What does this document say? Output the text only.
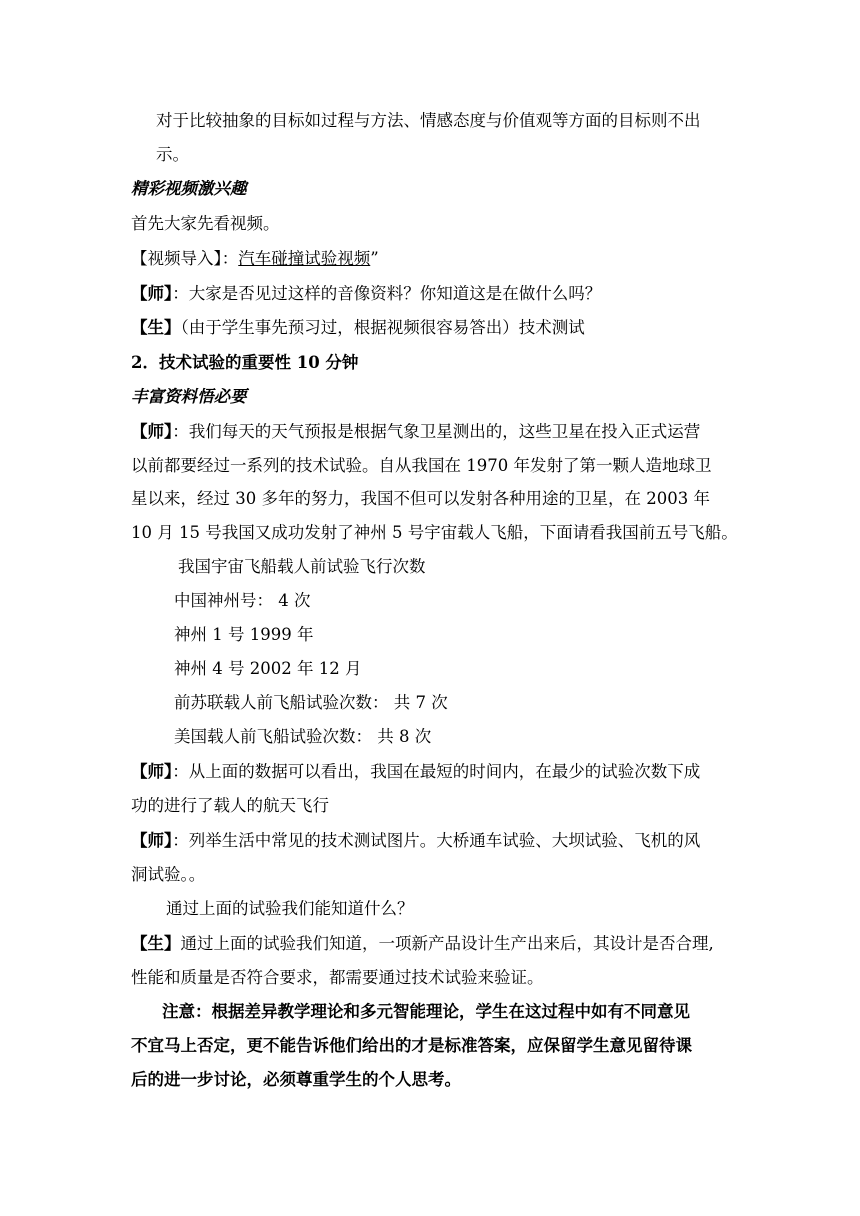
对于比较抽象的目标如过程与方法、情感态度与价值观等方面的目标则不出
示。
精彩视频激兴趣
首先大家先看视频。
【视频导入】：汽车碰撞试验视频”
【师】：大家是否见过这样的音像资料？你知道这是在做什么吗？
【生】（由于学生事先预习过，根据视频很容易答出）技术测试
2．技术试验的重要性 10 分钟
丰富资料悟必要
【师】：我们每天的天气预报是根据气象卫星测出的，这些卫星在投入正式运营
以前都要经过一系列的技术试验。自从我国在 1970 年发射了第一颗人造地球卫
星以来，经过 30 多年的努力，我国不但可以发射各种用途的卫星，在 2003 年
10 月 15 号我国又成功发射了神州 5 号宇宙载人飞船，下面请看我国前五号飞船。
我国宇宙飞船载人前试验飞行次数
中国神州号： 4 次
神州 1 号 1999 年
神州 4 号 2002 年 12 月
前苏联载人前飞船试验次数： 共 7 次
美国载人前飞船试验次数： 共 8 次
【师】：从上面的数据可以看出，我国在最短的时间内，在最少的试验次数下成
功的进行了载人的航天飞行
【师】：列举生活中常见的技术测试图片。大桥通车试验、大坝试验、飞机的风
洞试验。。
通过上面的试验我们能知道什么？
【生】通过上面的试验我们知道，一项新产品设计生产出来后，其设计是否合理,
性能和质量是否符合要求，都需要通过技术试验来验证。
注意：根据差异教学理论和多元智能理论，学生在这过程中如有不同意见
不宜马上否定，更不能告诉他们给出的才是标准答案，应保留学生意见留待课
后的进一步讨论，必须尊重学生的个人思考。
